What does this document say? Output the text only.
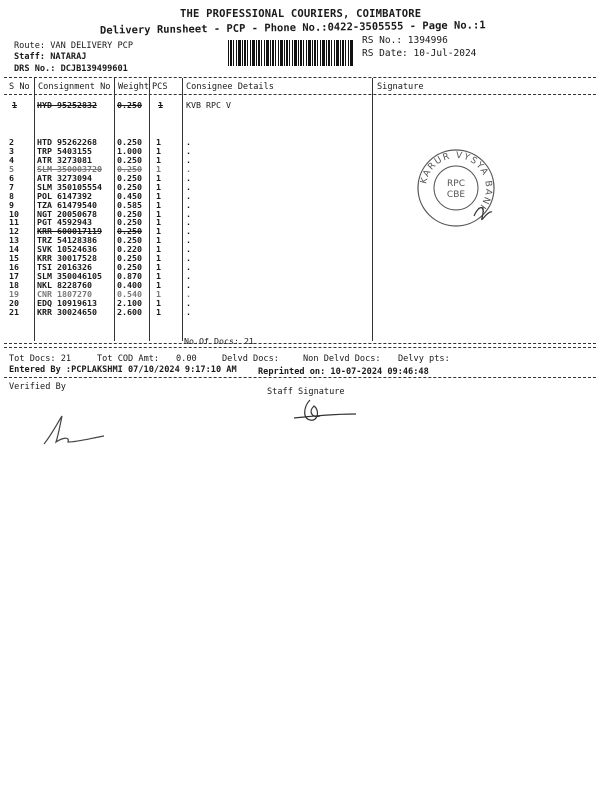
THE PROFESSIONAL COURIERS, COIMBATORE
Delivery Runsheet - PCP - Phone No.:0422-3505555 - Page No.:1
Route: VAN DELIVERY PCP
Staff: NATARAJ
DRS No.: DCJB139499601
RS No.: 1394996
RS Date: 10-Jul-2024
S No Consignment No Weight PCS Consignee Details	Signature
1 HYD 95252832 0.250 1	KVB RPC V
2	HTD 95262268 0.250 1	.
3	TRP 5403155	1.000 1	.
4	ATR 3273081	0.250 1	.
5	SLM 350003720 0.250 1	.
6	ATR 3273094	0.250 1	.
7	SLM 350105554 0.250 1	.
8	POL 6147392	0.450 1	.
9	TZA 61479540 0.585 1	.
10 NGT 20050678 0.250 1	.
11 PGT 4592943	0.250 1	.
12 KRR 600017119 0.250 1	.
13 TRZ 54128386 0.250 1	.
14 SVK 10524636 0.220 1	.
15 KRR 30017528 0.250 1	.
16 TSI 2016326	0.250 1	.
17 SLM 350046105 0.870 1	.
18 NKL 8228760	0.400 1	.
19 CNR 1807270	0.540 1	.
20 EDQ 10919613 2.100 1	.
21 KRR 30024650 2.600 1	.
No.Of Docs: 21
KARUR VYSYA BANK
RPC
CBE
Tot Docs: 21	Tot COD Amt: 0.00	Delvd Docs:	Non Delvd Docs: Delvy pts:
Entered By :PCPLAKSHMI 07/10/2024 9:17:10 AM Reprinted on: 10-07-2024 09:46:48
Verified By	Staff Signature
